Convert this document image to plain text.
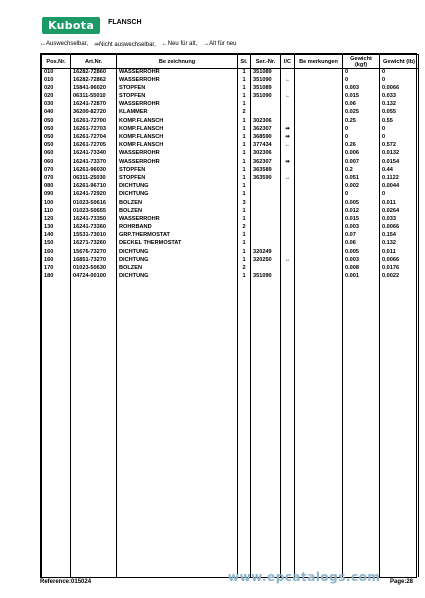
Kubota	FLANSCH
↔Auswechselbar, ⇸Nicht auswechselbar, ←Neu für alt, →Alt für neu
Pos.Nr.	Art.Nr.	Be zeichnung	St.	Ser.-Nr.	I/C	Be merkungen	Gewicht (kgf)	Gewicht (lb)
010	16282-72860	WASSERROHR	1	351089			0	0
010	16282-72862	WASSERROHR	1	351090	←		0	0
020	15841-96020	STOPFEN	1	351089			0.003	0.0066
020	06311-55010	STOPFEN	1	351090	←		0.015	0.033
030	16241-72870	WASSERROHR	1				0.06	0.132
040	36200-82720	KLAMMER	2				0.025	0.055
050	16261-72700	KOMP.FLANSCH	1	302306			0.25	0.55
050	16261-72703	KOMP.FLANSCH	1	362307	⇸		0	0
050	16261-72704	KOMP.FLANSCH	1	368590	⇸		0	0
050	16261-72705	KOMP.FLANSCH	1	377434	←		0.26	0.572
060	16241-73340	WASSERROHR	1	302306			0.006	0.0132
060	16241-73370	WASSERROHR	1	362307	⇸		0.007	0.0154
070	16261-96030	STOPFEN	1	363589			0.2	0.44
070	06311-25030	STOPFEN	1	363590	↔		0.051	0.1122
080	16261-96710	DICHTUNG	1				0.002	0.0044
090	16241-72920	DICHTUNG	1				0	0
100	01023-50616	BOLZEN	3				0.005	0.011
110	01023-50655	BOLZEN	1				0.012	0.0264
120	16241-73350	WASSERROHR	1				0.015	0.033
130	16241-73360	ROHRBAND	2				0.003	0.0066
140	15531-73010	GRP.THERMOSTAT	1				0.07	0.154
150	16271-73260	DECKEL THERMOSTAT	1				0.06	0.132
160	15676-73270	DICHTUNG	1	320249			0.005	0.011
160	16851-73270	DICHTUNG	1	320250	↔		0.003	0.0066
170	01023-50630	BOLZEN	2				0.008	0.0176
180	04724-00100	DICHTUNG	1	351090			0.001	0.0022

Reference:015024	www.epcatalogs.com Page:28
